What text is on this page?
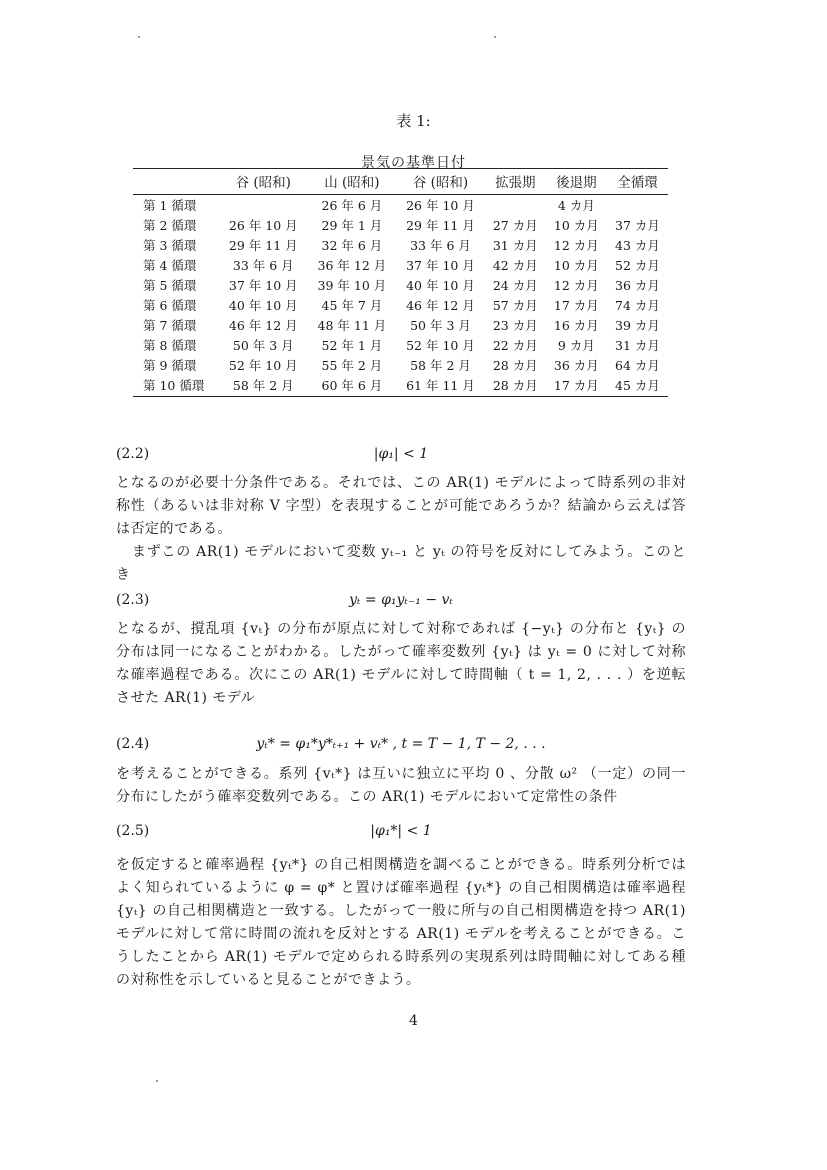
表 1:
景気の基準日付
	谷 (昭和)	山 (昭和)	谷 (昭和)	拡張期	後退期	全循環
第 1 循環		26 年 6 月	26 年 10 月		4 カ月	
第 2 循環	26 年 10 月	29 年 1 月	29 年 11 月	27 カ月	10 カ月	37 カ月
第 3 循環	29 年 11 月	32 年 6 月	33 年 6 月	31 カ月	12 カ月	43 カ月
第 4 循環	33 年 6 月	36 年 12 月	37 年 10 月	42 カ月	10 カ月	52 カ月
第 5 循環	37 年 10 月	39 年 10 月	40 年 10 月	24 カ月	12 カ月	36 カ月
第 6 循環	40 年 10 月	45 年 7 月	46 年 12 月	57 カ月	17 カ月	74 カ月
第 7 循環	46 年 12 月	48 年 11 月	50 年 3 月	23 カ月	16 カ月	39 カ月
第 8 循環	50 年 3 月	52 年 1 月	52 年 10 月	22 カ月	9 カ月	31 カ月
第 9 循環	52 年 10 月	55 年 2 月	58 年 2 月	28 カ月	36 カ月	64 カ月
第 10 循環	58 年 2 月	60 年 6 月	61 年 11 月	28 カ月	17 カ月	45 カ月
(2.2)	|φ₁| < 1
となるのが必要十分条件である。それでは、この AR(1) モデルによって時系列の非対称性（あるいは非対称 V 字型）を表現することが可能であろうか？結論から云えば答は否定的である。
まずこの AR(1) モデルにおいて変数 yₜ₋₁ と yₜ の符号を反対にしてみよう。このとき
(2.3)	yₜ = φ₁yₜ₋₁ − vₜ
となるが、撹乱項 {vₜ} の分布が原点に対して対称であれば {−yₜ} の分布と {yₜ} の分布は同一になることがわかる。したがって確率変数列 {yₜ} は yₜ = 0 に対して対称な確率過程である。次にこの AR(1) モデルに対して時間軸（ t = 1, 2, . . . ）を逆転させた AR(1) モデル
(2.4)	yₜ* = φ₁*y*ₜ₊₁ + vₜ* , t = T − 1, T − 2, . . .
を考えることができる。系列 {vₜ*} は互いに独立に平均 0 、分散 ω² （一定）の同一分布にしたがう確率変数列である。この AR(1) モデルにおいて定常性の条件
(2.5)	|φ₁*| < 1
を仮定すると確率過程 {yₜ*} の自己相関構造を調べることができる。時系列分析ではよく知られているように φ = φ* と置けば確率過程 {yₜ*} の自己相関構造は確率過程 {yₜ} の自己相関構造と一致する。したがって一般に所与の自己相関構造を持つ AR(1) モデルに対して常に時間の流れを反対とする AR(1) モデルを考えることができる。こうしたことから AR(1) モデルで定められる時系列の実現系列は時間軸に対してある種の対称性を示していると見ることができよう。
4
